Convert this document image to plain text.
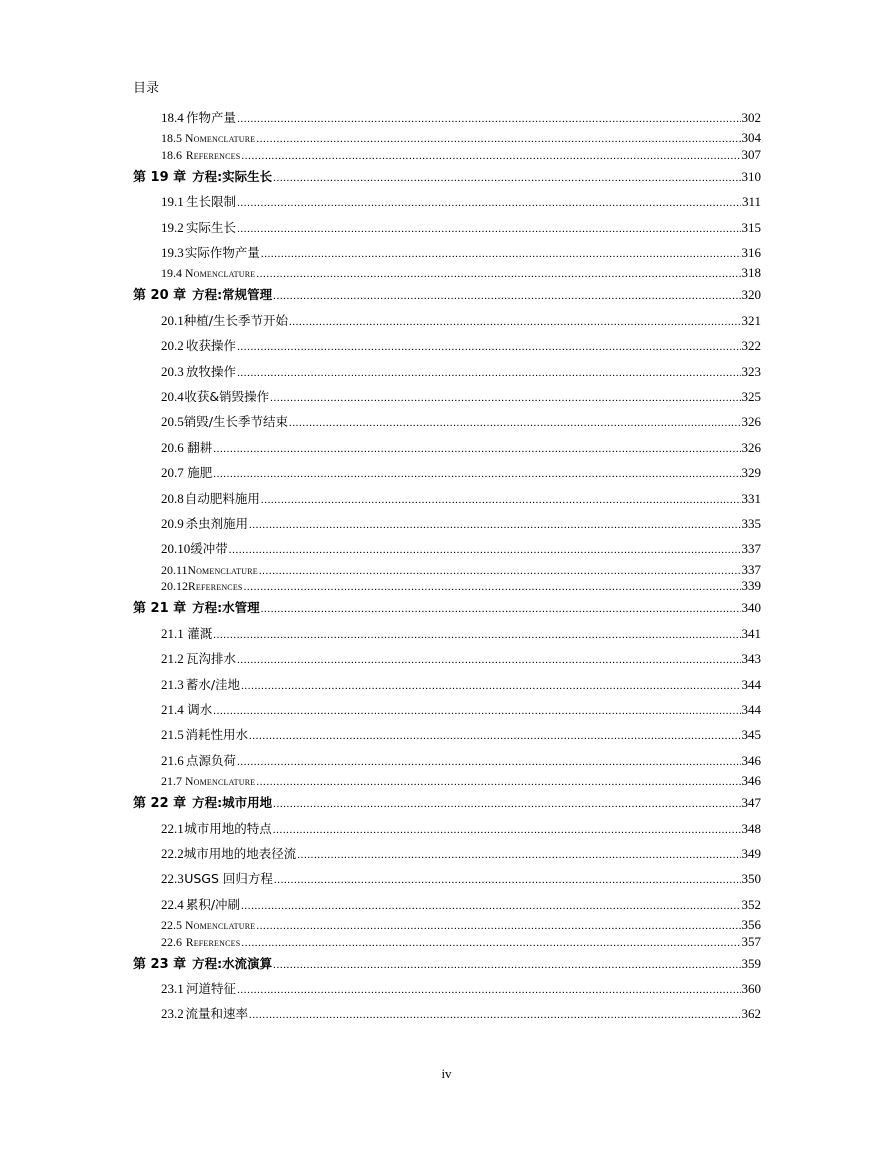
目录
18.4 作物产量 .....	302
18.5 Nomenclature .....	304
18.6 References .....	307
第 19 章 方程:实际生长 .....	310
19.1 生长限制 .....	311
19.2 实际生长 .....	315
19.3 实际作物产量 .....	316
19.4 Nomenclature .....	318
第 20 章 方程:常规管理 .....	320
20.1 种植/生长季节开始 .....	321
20.2 收获操作 .....	322
20.3 放牧操作 .....	323
20.4 收获&销毁操作 .....	325
20.5 销毁/生长季节结束 .....	326
20.6 翻耕 .....	326
20.7 施肥 .....	329
20.8 自动肥料施用 .....	331
20.9 杀虫剂施用 .....	335
20.10 缓冲带 .....	337
20.11 Nomenclature .....	337
20.12 References .....	339
第 21 章 方程:水管理 .....	340
21.1 灌溉 .....	341
21.2 瓦沟排水 .....	343
21.3 蓄水/洼地 .....	344
21.4 调水 .....	344
21.5 消耗性用水 .....	345
21.6 点源负荷 .....	346
21.7 Nomenclature .....	346
第 22 章 方程:城市用地 .....	347
22.1 城市用地的特点 .....	348
22.2 城市用地的地表径流 .....	349
22.3 USGS 回归方程 .....	350
22.4 累积/冲刷 .....	352
22.5 Nomenclature .....	356
22.6 References .....	357
第 23 章 方程:水流演算 .....	359
23.1 河道特征 .....	360
23.2 流量和速率 .....	362
iv
